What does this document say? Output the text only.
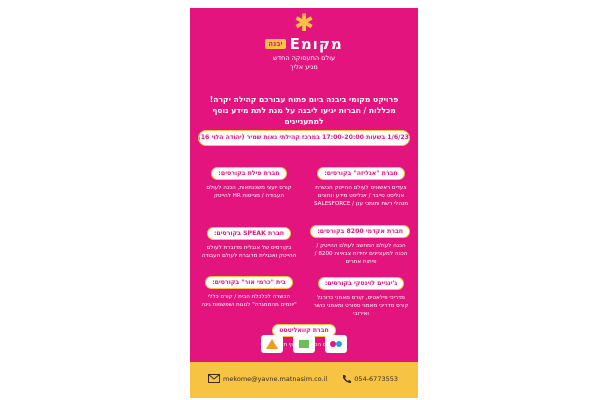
✱
מקומE
יבנה
עולם התעסוקה החדש
מגיע אליך
פרויקט מקומי ביבנה ביום פתוח עבורכם קהילה יקרה!
מכללות / חברות יגיעו ליבנה על מנת לתת מידע נוסף למתעניינים
1/6/23 בשעות 17:00-20:00 במרכז קהילתי נאות שמיר (יהודה הלוי 16)
חברת "אנליזה" בקורסים:
צעדים ראשונים לעולם ההייטק הכשרת אנליסט סייבר / אנליסט מידע ונתונים מנהלי רשת ותומכי ענן / SALESFORCE
חברת פילת בקורסים:
קורס יועצי משכנתאות, הכנה לעולם העבודה / מגייסות HR להייטק
חברת אקדמי 8200 בקורסים:
הכנה לעולם המחשב לעולם ההייטק / הכנה למעוניינים יחידות צבאיות 8200 / פיתוח אתרים
חברת SPEAK בקורסים:
בקורסים של אנגלית מדוברת לעולם ההייטק ואנגלית מדוברת לעולם העבודה
ג'ינגיים לוינסקי בקורסים:
מדריכי פילאטיס, קורס מאמני כדורגל קורס מדריכי מאמני ספורט ומאמני כושר ואירובי
בית "כרמי אור" בקורסים:
הכשרה לכלכלת הבית / קורס כללי "יוזמים מהממגדה" לנוגות ושפשפות גינה
חברת קוואליטסט
mekome@yavne.matnasim.co.il	054-6773553
